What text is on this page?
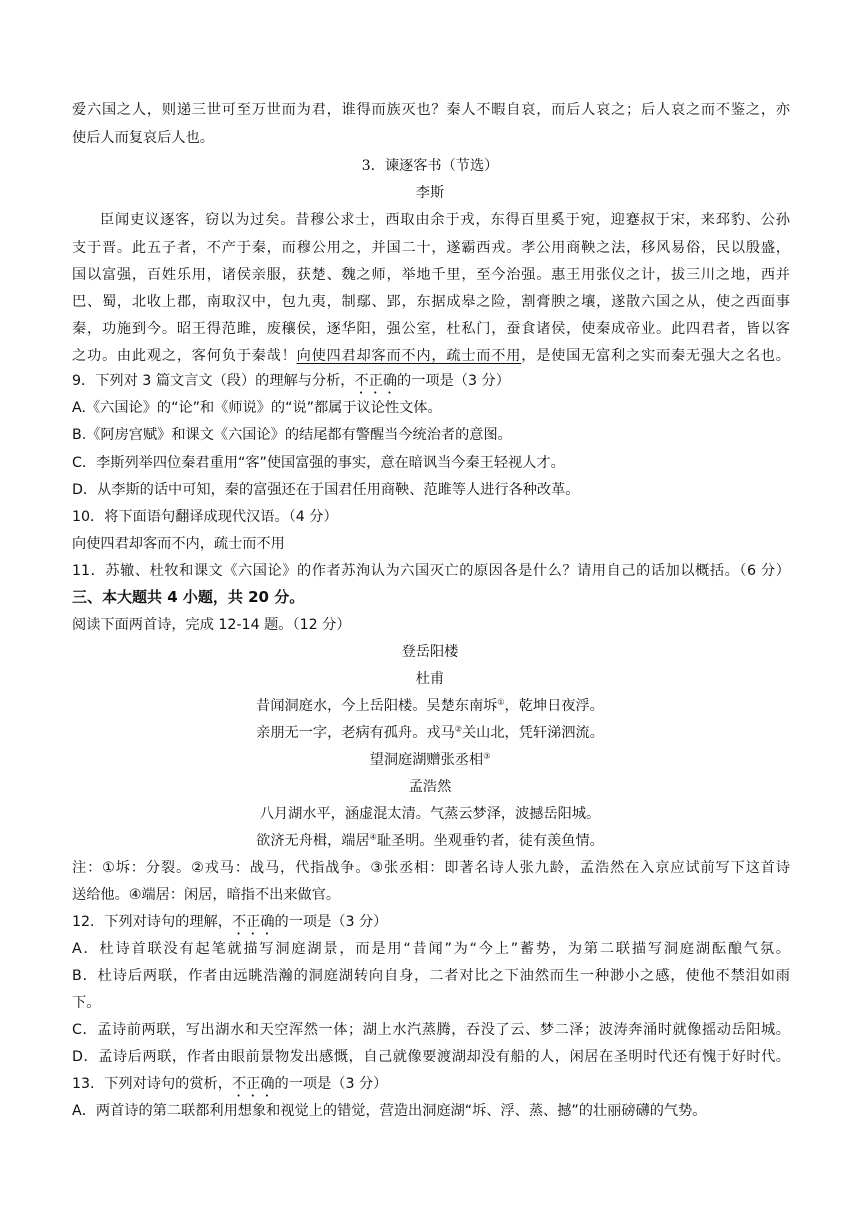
爱六国之人，则递三世可至万世而为君，谁得而族灭也？秦人不暇自哀，而后人哀之；后人哀之而不鉴之，亦
使后人而复哀后人也。
3．谏逐客书（节选）
李斯
臣闻吏议逐客，窃以为过矣。昔穆公求士，西取由余于戎，东得百里奚于宛，迎蹇叔于宋，来邳豹、公孙
支于晋。此五子者，不产于秦，而穆公用之，并国二十，遂霸西戎。孝公用商鞅之法，移风易俗，民以殷盛，
国以富强，百姓乐用，诸侯亲服，获楚、魏之师，举地千里，至今治强。惠王用张仪之计，拔三川之地，西并
巴、蜀，北收上郡，南取汉中，包九夷，制鄢、郢，东据成皋之险，割膏腴之壤，遂散六国之从，使之西面事
秦，功施到今。昭王得范雎，废穰侯，逐华阳，强公室，杜私门，蚕食诸侯，使秦成帝业。此四君者，皆以客
之功。由此观之，客何负于秦哉！向使四君却客而不内，疏士而不用，是使国无富利之实而秦无强大之名也。
9．下列对 3 篇文言文（段）的理解与分析，不正确的一项是（3 分）
A.《六国论》的“论”和《师说》的“说”都属于议论性文体。
B.《阿房宫赋》和课文《六国论》的结尾都有警醒当今统治者的意图。
C．李斯列举四位秦君重用“客”使国富强的事实，意在暗讽当今秦王轻视人才。
D．从李斯的话中可知，秦的富强还在于国君任用商鞅、范雎等人进行各种改革。
10．将下面语句翻译成现代汉语。（4 分）
向使四君却客而不内，疏士而不用
11．苏辙、杜牧和课文《六国论》的作者苏洵认为六国灭亡的原因各是什么？请用自己的话加以概括。（6 分）
三、本大题共 4 小题，共 20 分。
阅读下面两首诗，完成 12-14 题。（12 分）
登岳阳楼
杜甫
昔闻洞庭水，今上岳阳楼。吴楚东南坼①，乾坤日夜浮。
亲朋无一字，老病有孤舟。戎马②关山北，凭轩涕泗流。
望洞庭湖赠张丞相③
孟浩然
八月湖水平，涵虚混太清。气蒸云梦泽，波撼岳阳城。
欲济无舟楫，端居④耻圣明。坐观垂钓者，徒有羡鱼情。
注：①坼：分裂。②戎马：战马，代指战争。③张丞相：即著名诗人张九龄，孟浩然在入京应试前写下这首诗
送给他。④端居：闲居，暗指不出来做官。
12．下列对诗句的理解，不正确的一项是（3 分）
A．杜诗首联没有起笔就描写洞庭湖景，而是用“昔闻”为“今上”蓄势，为第二联描写洞庭湖酝酿气氛。
B．杜诗后两联，作者由远眺浩瀚的洞庭湖转向自身，二者对比之下油然而生一种渺小之感，使他不禁泪如雨
下。
C．孟诗前两联，写出湖水和天空浑然一体；湖上水汽蒸腾，吞没了云、梦二泽；波涛奔涌时就像摇动岳阳城。
D．孟诗后两联，作者由眼前景物发出感慨，自己就像要渡湖却没有船的人，闲居在圣明时代还有愧于好时代。
13．下列对诗句的赏析，不正确的一项是（3 分）
A．两首诗的第二联都利用想象和视觉上的错觉，营造出洞庭湖“坼、浮、蒸、撼”的壮丽磅礴的气势。
